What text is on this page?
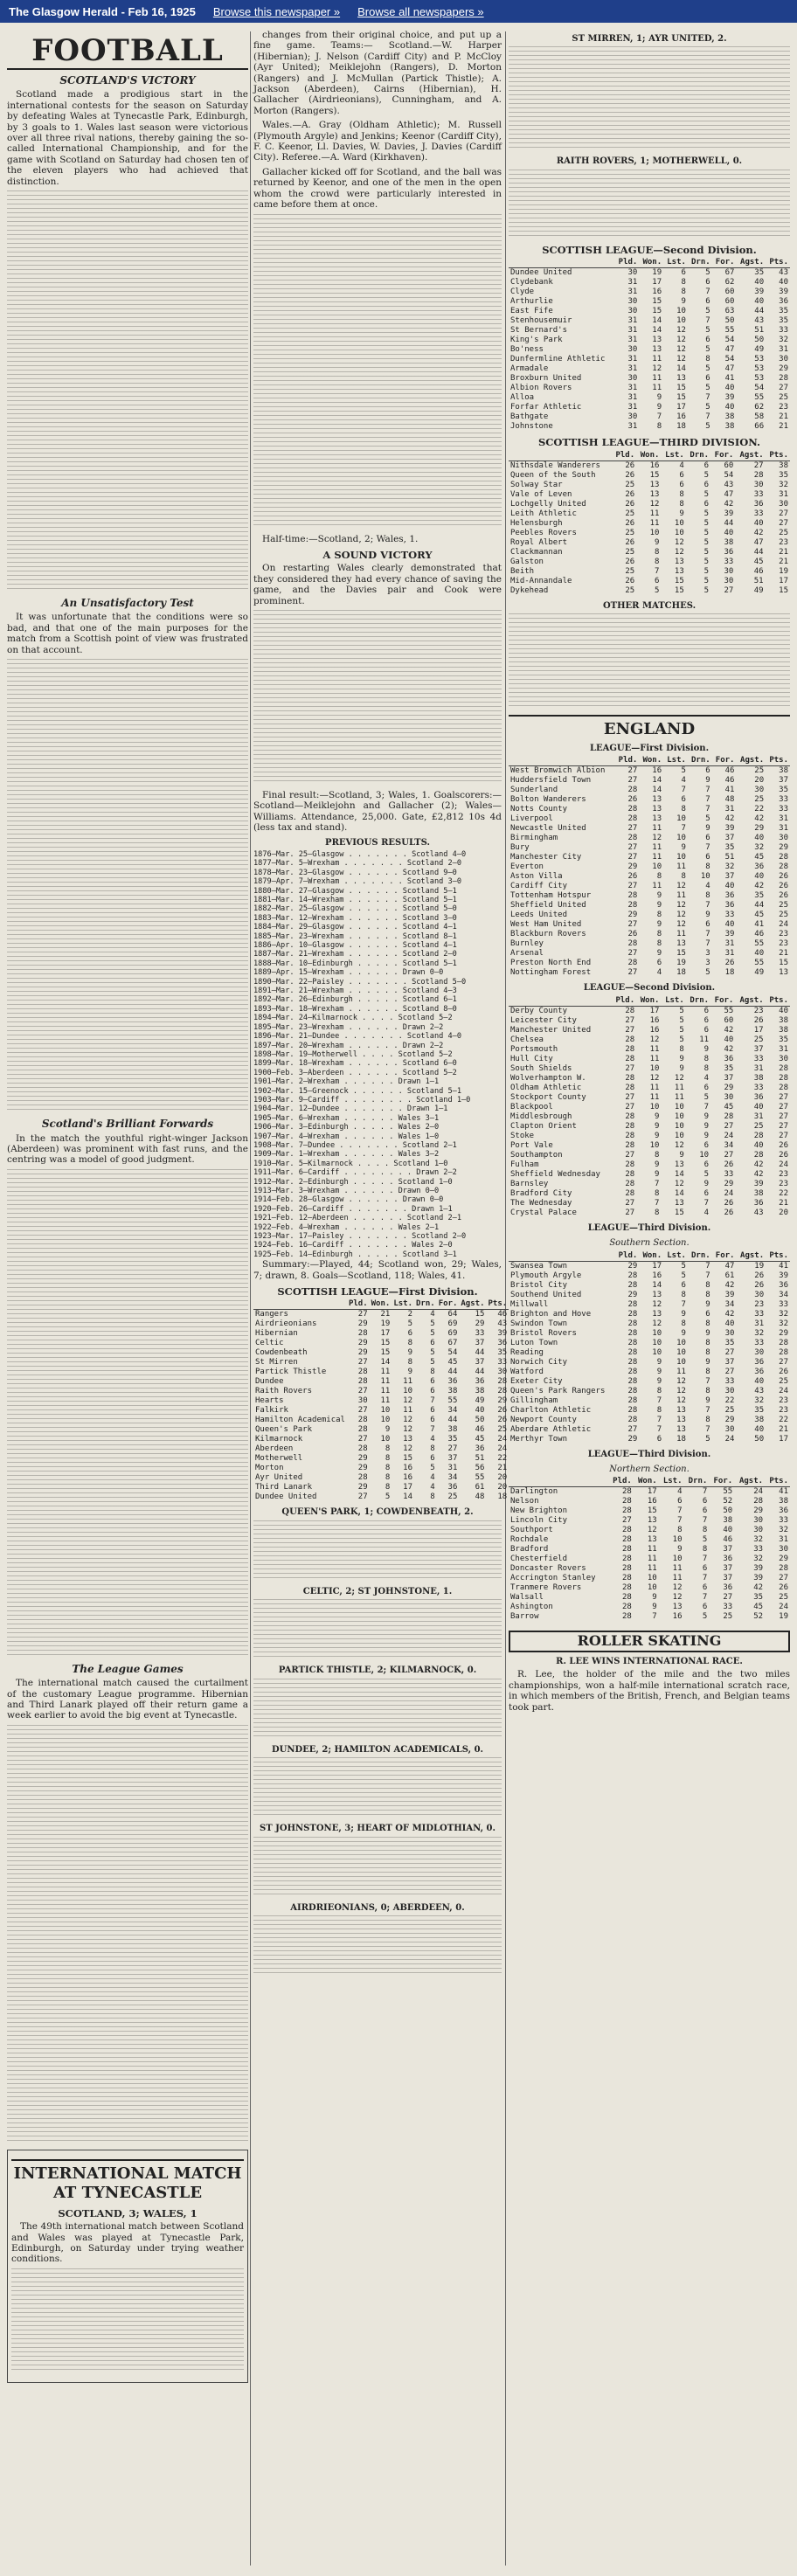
The Glasgow Herald - Feb 16, 1925	Browse this newspaper »	Browse all newspapers »
FOOTBALL
SCOTLAND'S VICTORY

Scotland made a prodigious start in the international contests for the season on Saturday by defeating Wales at Tynecastle Park, Edinburgh, by 3 goals to 1. Wales last season were victorious over all three rival nations, thereby gaining the so-called International Championship, and for the game with Scotland on Saturday had chosen ten of the eleven players who had achieved that distinction.

An Unsatisfactory Test

It was unfortunate that the conditions were so bad, and that one of the main purposes for the match from a Scottish point of view was frustrated on that account.

Scotland's Brilliant Forwards

In the match the youthful right-winger Jackson (Aberdeen) was prominent with fast runs, and the centring was a model of good judgment.

The League Games

The international match caused the curtailment of the customary League programme. Hibernian and Third Lanark played off their return game a week earlier to avoid the big event at Tynecastle.

INTERNATIONAL MATCH AT TYNECASTLE
SCOTLAND, 3; WALES, 1

The 49th international match between Scotland and Wales was played at Tynecastle Park, Edinburgh, on Saturday under trying weather conditions.

changes from their original choice, and put up a fine game. Teams:— Scotland.—W. Harper (Hibernian); J. Nelson (Cardiff City) and P. McCloy (Ayr United); Meiklejohn (Rangers), D. Morton (Rangers) and J. McMullan (Partick Thistle); A. Jackson (Aberdeen), Cairns (Hibernian), H. Gallacher (Airdrieonians), Cunningham, and A. Morton (Rangers).

Wales.—A. Gray (Oldham Athletic); M. Russell (Plymouth Argyle) and Jenkins; Keenor (Cardiff City), F. C. Keenor, Ll. Davies, W. Davies, J. Davies (Cardiff City). Referee.—A. Ward (Kirkhaven).

Gallacher kicked off for Scotland, and the ball was returned by Keenor, and one of the men in the open whom the crowd were particularly interested in came before them at once.

Half-time:—Scotland, 2; Wales, 1.

A SOUND VICTORY

On restarting Wales clearly demonstrated that they considered they had every chance of saving the game, and the Davies pair and Cook were prominent.

Final result:—Scotland, 3; Wales, 1. Goalscorers:—Scotland—Meiklejohn and Gallacher (2); Wales—Williams. Attendance, 25,000. Gate, £2,812 10s 4d (less tax and stand).

PREVIOUS RESULTS.
1876—Mar. 25—Glasgow . . . . . . . Scotland 4—0
1877—Mar. 5—Wrexham . . . . . . . Scotland 2—0
1878—Mar. 23—Glasgow . . . . . . Scotland 9—0
1879—Apr. 7—Wrexham . . . . . . . Scotland 3—0
1880—Mar. 27—Glasgow . . . . . . Scotland 5—1
1881—Mar. 14—Wrexham . . . . . . Scotland 5—1
1882—Mar. 25—Glasgow . . . . . . Scotland 5—0
1883—Mar. 12—Wrexham . . . . . . Scotland 3—0
1884—Mar. 29—Glasgow . . . . . . Scotland 4—1
1885—Mar. 23—Wrexham . . . . . . Scotland 8—1
1886—Apr. 10—Glasgow . . . . . . Scotland 4—1
1887—Mar. 21—Wrexham . . . . . . Scotland 2—0
1888—Mar. 10—Edinburgh . . . . . Scotland 5—1
1889—Apr. 15—Wrexham . . . . . . Drawn 0—0
1890—Mar. 22—Paisley . . . . . . . Scotland 5—0
1891—Mar. 21—Wrexham . . . . . . Scotland 4—3
1892—Mar. 26—Edinburgh . . . . . Scotland 6—1
1893—Mar. 18—Wrexham . . . . . . Scotland 8—0
1894—Mar. 24—Kilmarnock . . . . Scotland 5—2
1895—Mar. 23—Wrexham . . . . . . Drawn 2—2
1896—Mar. 21—Dundee . . . . . . . Scotland 4—0
1897—Mar. 20—Wrexham . . . . . . Drawn 2—2
1898—Mar. 19—Motherwell . . . . Scotland 5—2
1899—Mar. 18—Wrexham . . . . . . Scotland 6—0
1900—Feb. 3—Aberdeen . . . . . . Scotland 5—2
1901—Mar. 2—Wrexham . . . . . . Drawn 1—1
1902—Mar. 15—Greenock . . . . . . Scotland 5—1
1903—Mar. 9—Cardiff . . . . . . . . Scotland 1—0
1904—Mar. 12—Dundee . . . . . . . Drawn 1—1
1905—Mar. 6—Wrexham . . . . . . Wales 3—1
1906—Mar. 3—Edinburgh . . . . . Wales 2—0
1907—Mar. 4—Wrexham . . . . . . Wales 1—0
1908—Mar. 7—Dundee . . . . . . . Scotland 2—1
1909—Mar. 1—Wrexham . . . . . . Wales 3—2
1910—Mar. 5—Kilmarnock . . . . Scotland 1—0
1911—Mar. 6—Cardiff . . . . . . . . Drawn 2—2
1912—Mar. 2—Edinburgh . . . . . Scotland 1—0
1913—Mar. 3—Wrexham . . . . . . Drawn 0—0
1914—Feb. 28—Glasgow . . . . . . Drawn 0—0
1920—Feb. 26—Cardiff . . . . . . . Drawn 1—1
1921—Feb. 12—Aberdeen . . . . . . Scotland 2—1
1922—Feb. 4—Wrexham . . . . . . Wales 2—1
1923—Mar. 17—Paisley . . . . . . . Scotland 2—0
1924—Feb. 16—Cardiff . . . . . . . Wales 2—0
1925—Feb. 14—Edinburgh . . . . . Scotland 3—1

Summary:—Played, 44; Scotland won, 29; Wales, 7; drawn, 8. Goals—Scotland, 118; Wales, 41.

SCOTTISH LEAGUE—First Division.
	Pld.	Won.	Lst.	Drn.	For.	Agst.	Pts.
Rangers	27	21	2	4	64	15	46
Airdrieonians	29	19	5	5	69	29	43
Hibernian	28	17	6	5	69	33	39
Celtic	29	15	8	6	67	37	36
Cowdenbeath	29	15	9	5	54	44	35
St Mirren	27	14	8	5	45	37	33
Partick Thistle	28	11	9	8	44	44	30
Dundee	28	11	11	6	36	36	28
Raith Rovers	27	11	10	6	38	38	28
Hearts	30	11	12	7	55	49	29
Falkirk	27	10	11	6	34	40	26
Hamilton Academical	28	10	12	6	44	50	26
Queen's Park	28	9	12	7	38	46	25
Kilmarnock	27	10	13	4	35	45	24
Aberdeen	28	8	12	8	27	36	24
Motherwell	29	8	15	6	37	51	22
Morton	29	8	16	5	31	56	21
Ayr United	28	8	16	4	34	55	20
Third Lanark	29	8	17	4	36	61	20
Dundee United	27	5	14	8	25	48	18
QUEEN'S PARK, 1; COWDENBEATH, 2.
CELTIC, 2; ST JOHNSTONE, 1.
PARTICK THISTLE, 2; KILMARNOCK, 0.
DUNDEE, 2; HAMILTON ACADEMICALS, 0.
ST JOHNSTONE, 3; HEART OF MIDLOTHIAN, 0.
AIRDRIEONIANS, 0; ABERDEEN, 0.
ST MIRREN, 1; AYR UNITED, 2.
RAITH ROVERS, 1; MOTHERWELL, 0.
SCOTTISH LEAGUE—Second Division.
	Pld.	Won.	Lst.	Drn.	For.	Agst.	Pts.
Dundee United	30	19	6	5	67	35	43
Clydebank	31	17	8	6	62	40	40
Clyde	31	16	8	7	60	39	39
Arthurlie	30	15	9	6	60	40	36
East Fife	30	15	10	5	63	44	35
Stenhousemuir	31	14	10	7	50	43	35
St Bernard's	31	14	12	5	55	51	33
King's Park	31	13	12	6	54	50	32
Bo'ness	30	13	12	5	47	49	31
Dunfermline Athletic	31	11	12	8	54	53	30
Armadale	31	12	14	5	47	53	29
Broxburn United	30	11	13	6	41	53	28
Albion Rovers	31	11	15	5	40	54	27
Alloa	31	9	15	7	39	55	25
Forfar Athletic	31	9	17	5	40	62	23
Bathgate	30	7	16	7	38	58	21
Johnstone	31	8	18	5	38	66	21
SCOTTISH LEAGUE—THIRD DIVISION.
	Pld.	Won.	Lst.	Drn.	For.	Agst.	Pts.
Nithsdale Wanderers	26	16	4	6	60	27	38
Queen of the South	26	15	6	5	54	28	35
Solway Star	25	13	6	6	43	30	32
Vale of Leven	26	13	8	5	47	33	31
Lochgelly United	26	12	8	6	42	36	30
Leith Athletic	25	11	9	5	39	33	27
Helensburgh	26	11	10	5	44	40	27
Peebles Rovers	25	10	10	5	40	42	25
Royal Albert	26	9	12	5	38	47	23
Clackmannan	25	8	12	5	36	44	21
Galston	26	8	13	5	33	45	21
Beith	25	7	13	5	30	46	19
Mid-Annandale	26	6	15	5	30	51	17
Dykehead	25	5	15	5	27	49	15
OTHER MATCHES.
ENGLAND
LEAGUE—First Division.
	Pld.	Won.	Lst.	Drn.	For.	Agst.	Pts.
West Bromwich Albion	27	16	5	6	46	25	38
Huddersfield Town	27	14	4	9	46	20	37
Sunderland	28	14	7	7	41	30	35
Bolton Wanderers	26	13	6	7	48	25	33
Notts County	28	13	8	7	31	22	33
Liverpool	28	13	10	5	42	42	31
Newcastle United	27	11	7	9	39	29	31
Birmingham	28	12	10	6	37	40	30
Bury	27	11	9	7	35	32	29
Manchester City	27	11	10	6	51	45	28
Everton	29	10	11	8	32	36	28
Aston Villa	26	8	8	10	37	40	26
Cardiff City	27	11	12	4	40	42	26
Tottenham Hotspur	28	9	11	8	36	35	26
Sheffield United	28	9	12	7	36	44	25
Leeds United	29	8	12	9	33	45	25
West Ham United	27	9	12	6	40	41	24
Blackburn Rovers	26	8	11	7	39	46	23
Burnley	28	8	13	7	31	55	23
Arsenal	27	9	15	3	31	40	21
Preston North End	28	6	19	3	26	55	15
Nottingham Forest	27	4	18	5	18	49	13
LEAGUE—Second Division.
	Pld.	Won.	Lst.	Drn.	For.	Agst.	Pts.
Derby County	28	17	5	6	55	23	40
Leicester City	27	16	5	6	60	26	38
Manchester United	27	16	5	6	42	17	38
Chelsea	28	12	5	11	40	25	35
Portsmouth	28	11	8	9	42	37	31
Hull City	28	11	9	8	36	33	30
South Shields	27	10	9	8	35	31	28
Wolverhampton W.	28	12	12	4	37	38	28
Oldham Athletic	28	11	11	6	29	33	28
Stockport County	27	11	11	5	30	36	27
Blackpool	27	10	10	7	45	40	27
Middlesbrough	28	9	10	9	28	31	27
Clapton Orient	28	9	10	9	27	25	27
Stoke	28	9	10	9	24	28	27
Port Vale	28	10	12	6	34	40	26
Southampton	27	8	9	10	27	28	26
Fulham	28	9	13	6	26	42	24
Sheffield Wednesday	28	9	14	5	33	42	23
Barnsley	28	7	12	9	29	39	23
Bradford City	28	8	14	6	24	38	22
The Wednesday	27	7	13	7	26	36	21
Crystal Palace	27	8	15	4	26	43	20
LEAGUE—Third Division.
Southern Section.
	Pld.	Won.	Lst.	Drn.	For.	Agst.	Pts.
Swansea Town	29	17	5	7	47	19	41
Plymouth Argyle	28	16	5	7	61	26	39
Bristol City	28	14	6	8	42	26	36
Southend United	29	13	8	8	39	30	34
Millwall	28	12	7	9	34	23	33
Brighton and Hove	28	13	9	6	42	33	32
Swindon Town	28	12	8	8	40	31	32
Bristol Rovers	28	10	9	9	30	32	29
Luton Town	28	10	10	8	35	33	28
Reading	28	10	10	8	27	30	28
Norwich City	28	9	10	9	37	36	27
Watford	28	9	11	8	27	36	26
Exeter City	28	9	12	7	33	40	25
Queen's Park Rangers	28	8	12	8	30	43	24
Gillingham	28	7	12	9	22	32	23
Charlton Athletic	28	8	13	7	25	35	23
Newport County	28	7	13	8	29	38	22
Aberdare Athletic	27	7	13	7	30	40	21
Merthyr Town	29	6	18	5	24	50	17
LEAGUE—Third Division.
Northern Section.
	Pld.	Won.	Lst.	Drn.	For.	Agst.	Pts.
Darlington	28	17	4	7	55	24	41
Nelson	28	16	6	6	52	28	38
New Brighton	28	15	7	6	50	29	36
Lincoln City	27	13	7	7	38	30	33
Southport	28	12	8	8	40	30	32
Rochdale	28	13	10	5	46	32	31
Bradford	28	11	9	8	37	33	30
Chesterfield	28	11	10	7	36	32	29
Doncaster Rovers	28	11	11	6	37	39	28
Accrington Stanley	28	10	11	7	37	39	27
Tranmere Rovers	28	10	12	6	36	42	26
Walsall	28	9	12	7	27	35	25
Ashington	28	9	13	6	33	45	24
Barrow	28	7	16	5	25	52	19
ROLLER SKATING
R. LEE WINS INTERNATIONAL RACE.

R. Lee, the holder of the mile and the two miles championships, won a half-mile international scratch race, in which members of the British, French, and Belgian teams took part.
